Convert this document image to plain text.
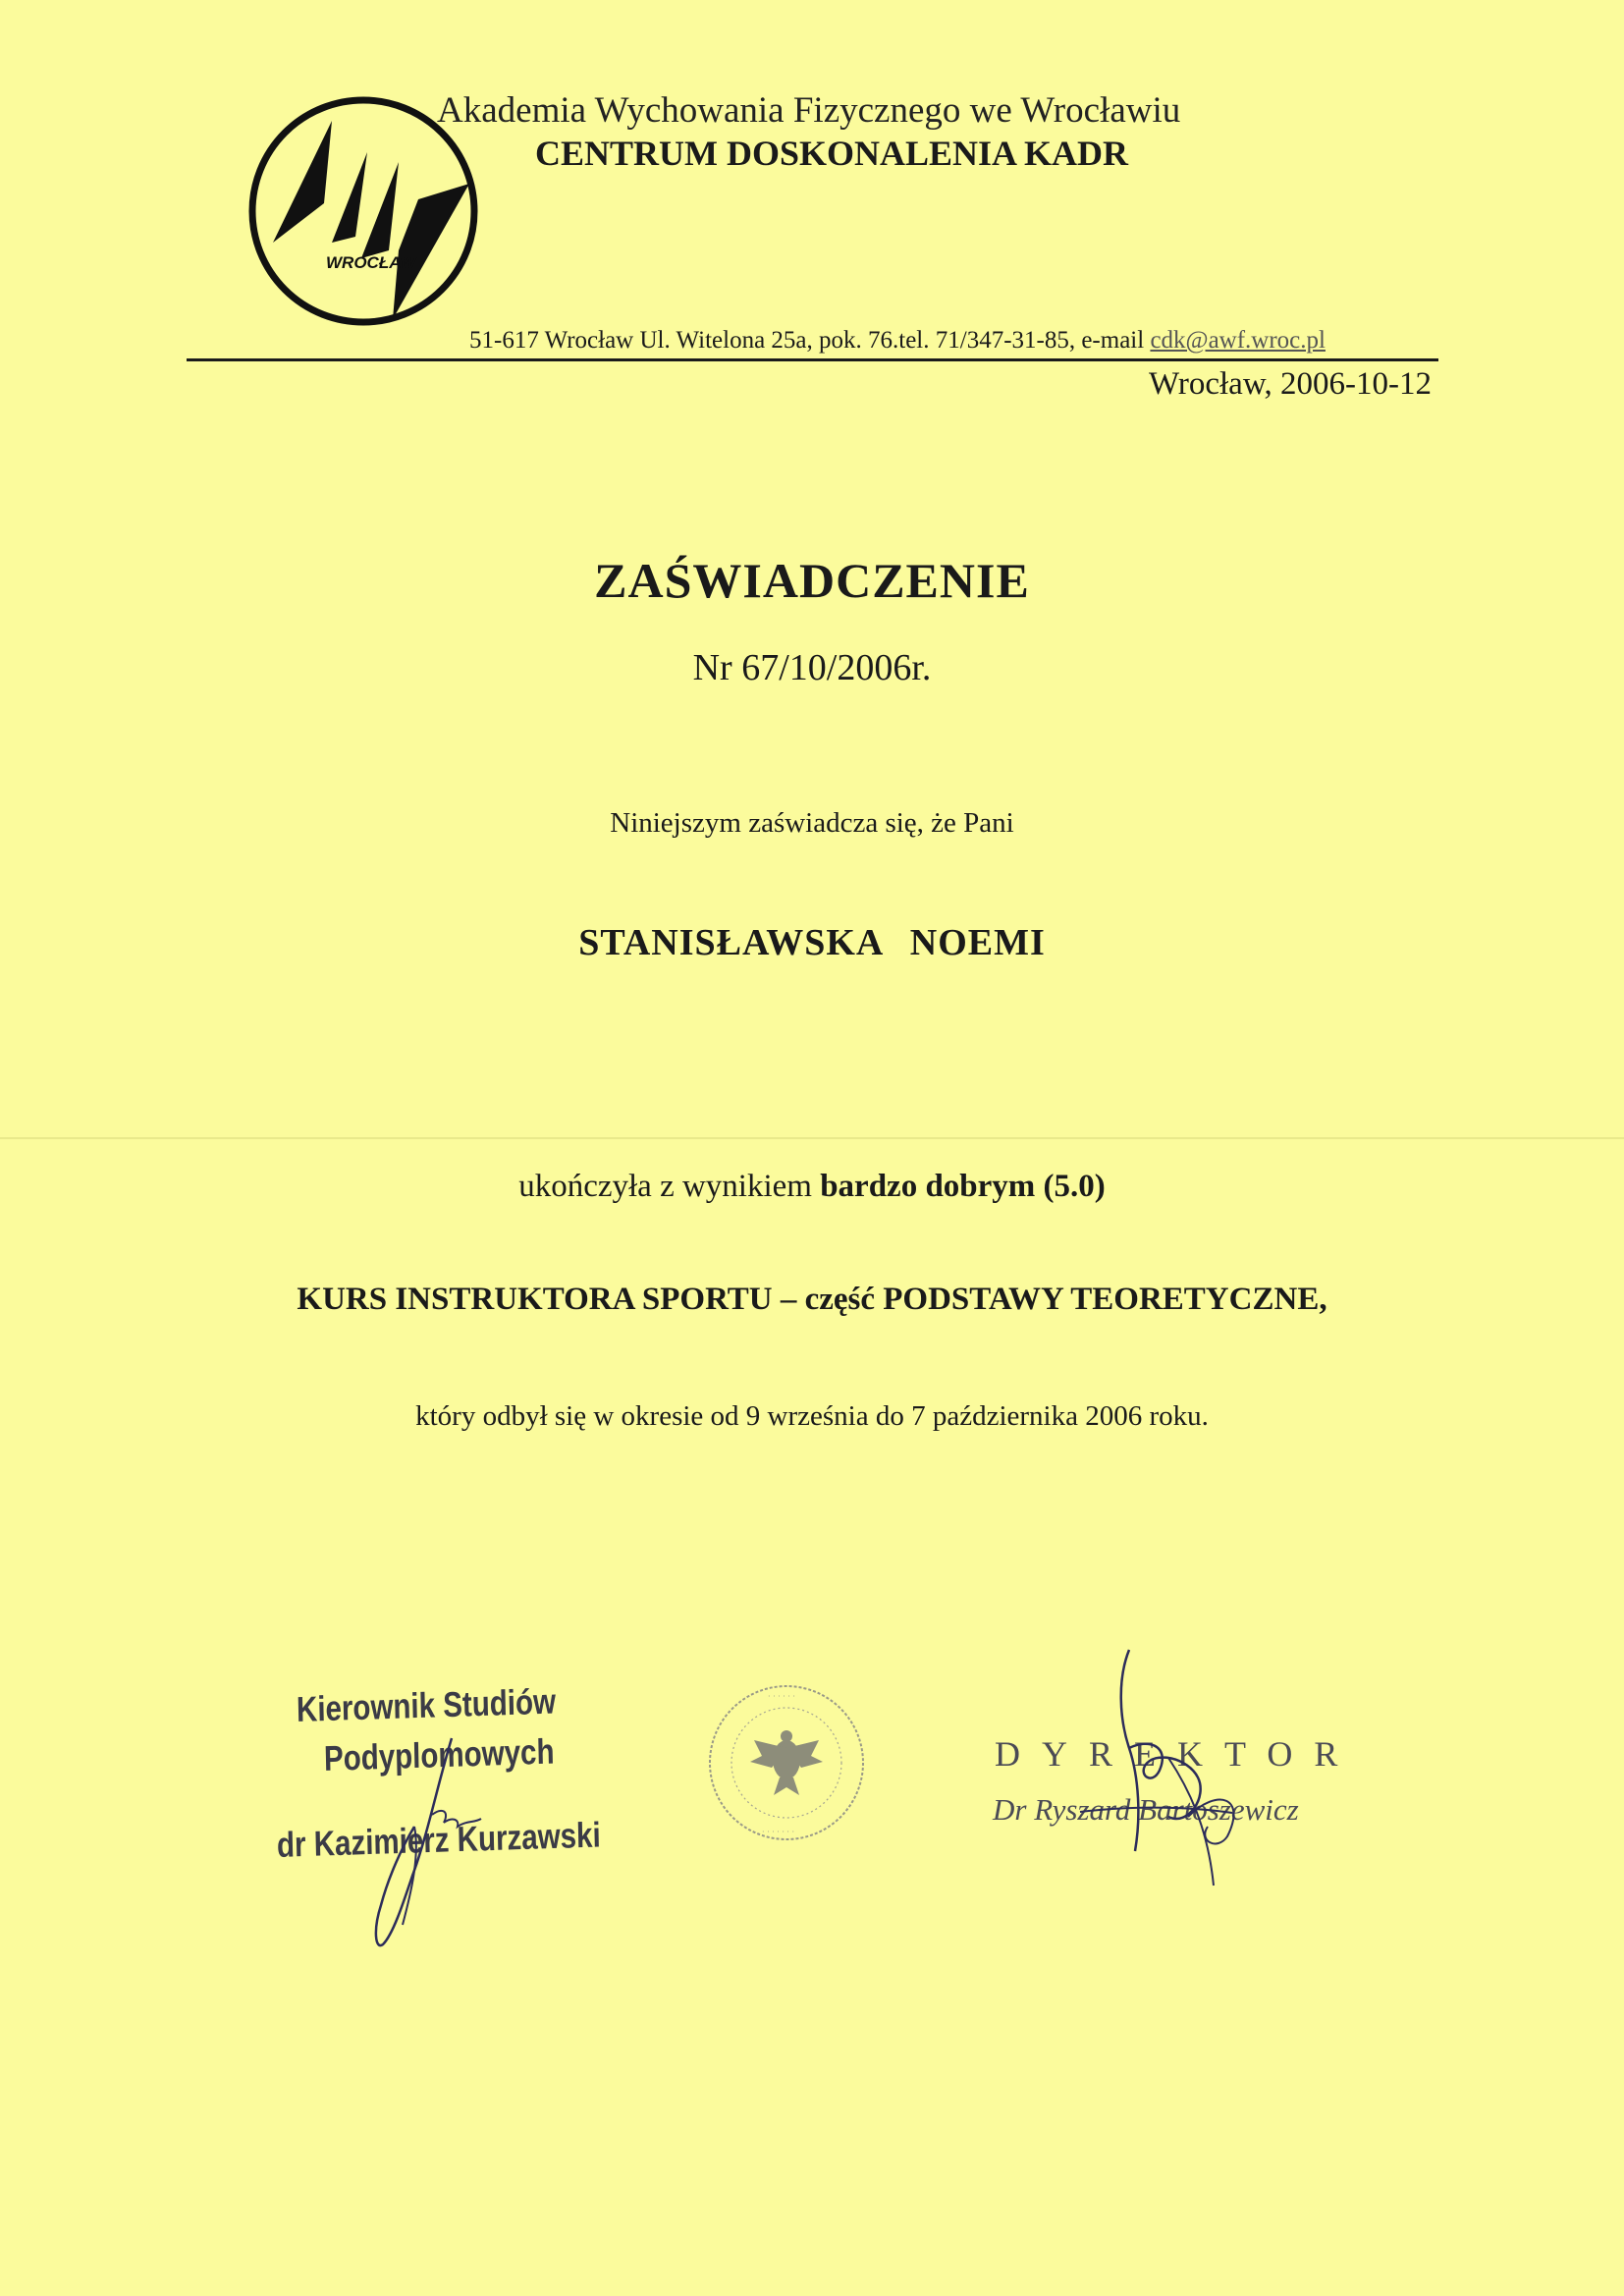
WROCŁAW
Akademia Wychowania Fizycznego we Wrocławiu
CENTRUM DOSKONALENIA KADR
51-617 Wrocław Ul. Witelona 25a, pok. 76.tel. 71/347-31-85, e-mail cdk@awf.wroc.pl
Wrocław, 2006-10-12
ZAŚWIADCZENIE
Nr 67/10/2006r.
Niniejszym zaświadcza się, że Pani
STANISŁAWSKA NOEMI
ukończyła z wynikiem bardzo dobrym (5.0)
KURS INSTRUKTORA SPORTU – część PODSTAWY TEORETYCZNE,
który odbył się w okresie od 9 września do 7 października 2006 roku.
Kierownik Studiów
Podyplomowych
dr Kazimierz Kurzawski
· · · · · ·
· · · · · · ·
DYREKTOR
Dr Ryszard Bartoszewicz
